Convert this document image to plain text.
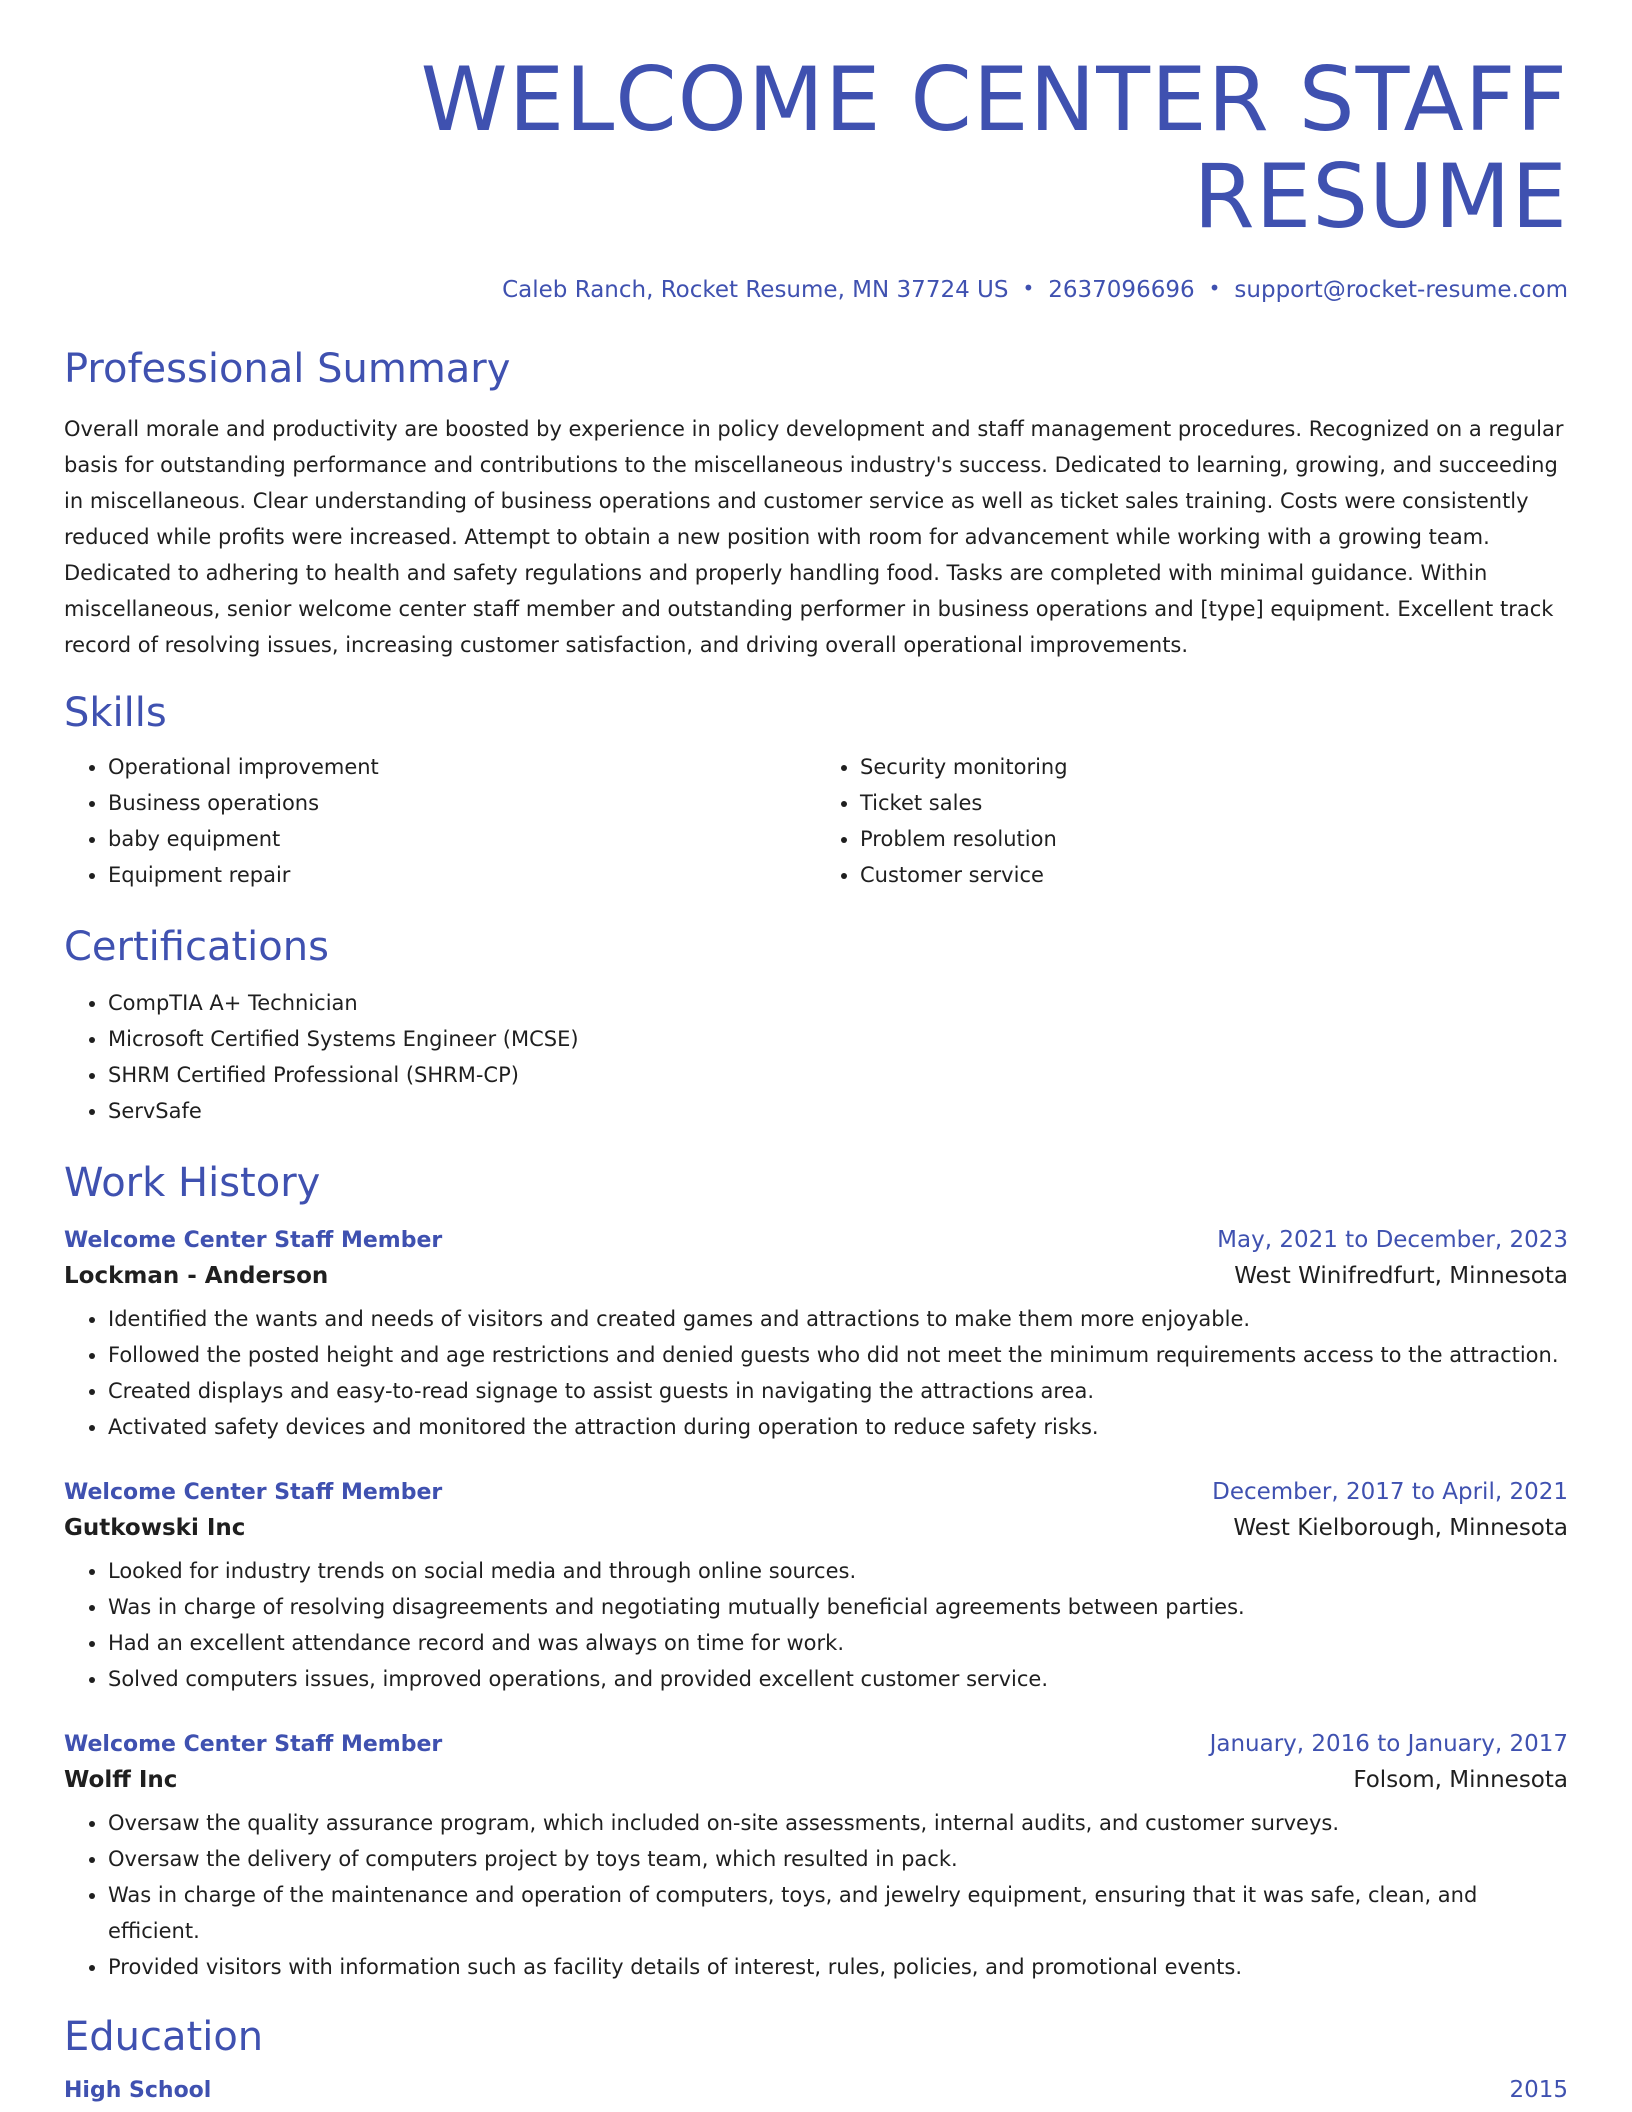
WELCOME CENTER STAFF RESUME
Caleb Ranch, Rocket Resume, MN 37724 US • 2637096696 • support@rocket-resume.com
Professional Summary

Overall morale and productivity are boosted by experience in policy development and staff management procedures. Recognized on a regular basis for outstanding performance and contributions to the miscellaneous industry's success. Dedicated to learning, growing, and succeeding in miscellaneous. Clear understanding of business operations and customer service as well as ticket sales training. Costs were consistently reduced while profits were increased. Attempt to obtain a new position with room for advancement while working with a growing team. Dedicated to adhering to health and safety regulations and properly handling food. Tasks are completed with minimal guidance. Within miscellaneous, senior welcome center staff member and outstanding performer in business operations and [type] equipment. Excellent track record of resolving issues, increasing customer satisfaction, and driving overall operational improvements.

Skills
• Operational improvement
• Business operations
• baby equipment
• Equipment repair
• Security monitoring
• Ticket sales
• Problem resolution
• Customer service
Certifications
• CompTIA A+ Technician
• Microsoft Certified Systems Engineer (MCSE)
• SHRM Certified Professional (SHRM-CP)
• ServSafe
Work History
Welcome Center Staff Member	May, 2021 to December, 2023
Lockman - Anderson	West Winifredfurt, Minnesota
• Identified the wants and needs of visitors and created games and attractions to make them more enjoyable.
• Followed the posted height and age restrictions and denied guests who did not meet the minimum requirements access to the attraction.
• Created displays and easy-to-read signage to assist guests in navigating the attractions area.
• Activated safety devices and monitored the attraction during operation to reduce safety risks.
Welcome Center Staff Member	December, 2017 to April, 2021
Gutkowski Inc	West Kielborough, Minnesota
• Looked for industry trends on social media and through online sources.
• Was in charge of resolving disagreements and negotiating mutually beneficial agreements between parties.
• Had an excellent attendance record and was always on time for work.
• Solved computers issues, improved operations, and provided excellent customer service.
Welcome Center Staff Member	January, 2016 to January, 2017
Wolff Inc	Folsom, Minnesota
• Oversaw the quality assurance program, which included on-site assessments, internal audits, and customer surveys.
• Oversaw the delivery of computers project by toys team, which resulted in pack.
• Was in charge of the maintenance and operation of computers, toys, and jewelry equipment, ensuring that it was safe, clean, and efficient.
• Provided visitors with information such as facility details of interest, rules, policies, and promotional events.
Education
High School	2015
